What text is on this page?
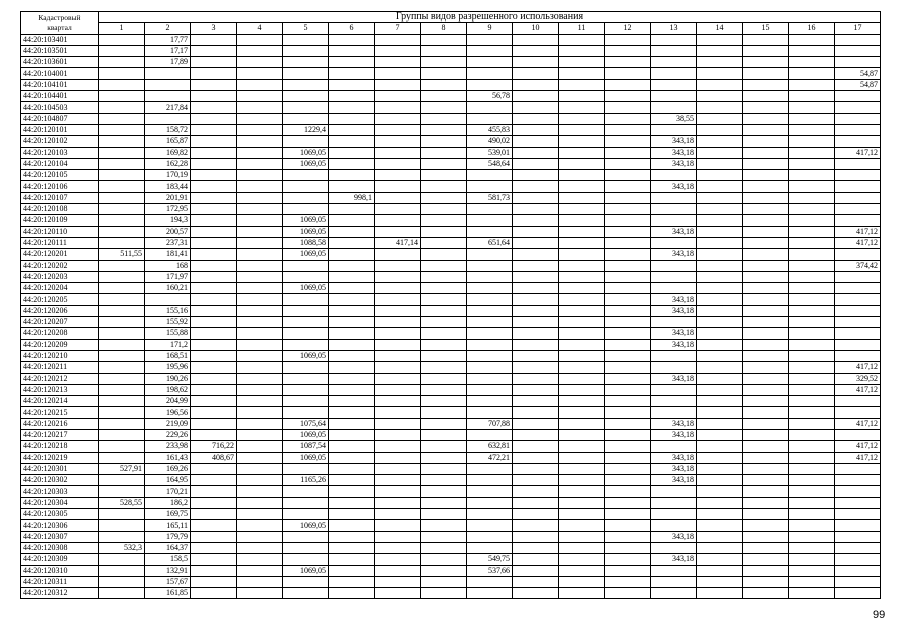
Кадастровый
квартал	Группы видов разрешенного использования																
	1	2	3	4	5	6	7	8	9	10	11	12	13	14	15	16	17
44:20:103401		17,77															
44:20:103501		17,17															
44:20:103601		17,89															
44:20:104001																	54,87
44:20:104101																	54,87
44:20:104401									56,78								
44:20:104503		217,84															
44:20:104807													38,55				
44:20:120101		158,72			1229,4				455,83								
44:20:120102		165,87							490,02				343,18				
44:20:120103		169,82			1069,05				539,01				343,18				417,12
44:20:120104		162,28			1069,05				548,64				343,18				
44:20:120105		170,19															
44:20:120106		183,44											343,18				
44:20:120107		201,91				998,1			581,73								
44:20:120108		172,95															
44:20:120109		194,3			1069,05												
44:20:120110		200,57			1069,05								343,18				417,12
44:20:120111		237,31			1088,58		417,14		651,64								417,12
44:20:120201	511,55	181,41			1069,05								343,18				
44:20:120202		168															374,42
44:20:120203		171,97															
44:20:120204		160,21			1069,05												
44:20:120205													343,18				
44:20:120206		155,16											343,18				
44:20:120207		155,92															
44:20:120208		155,88											343,18				
44:20:120209		171,2											343,18				
44:20:120210		168,51			1069,05												
44:20:120211		195,96															417,12
44:20:120212		190,26											343,18				329,52
44:20:120213		198,62															417,12
44:20:120214		204,99															
44:20:120215		196,56															
44:20:120216		219,09			1075,64				707,88				343,18				417,12
44:20:120217		229,26			1069,05								343,18				
44:20:120218		233,98	716,22		1087,54				632,81								417,12
44:20:120219		161,43	408,67		1069,05				472,21				343,18				417,12
44:20:120301	527,91	169,26											343,18				
44:20:120302		164,95			1165,26								343,18				
44:20:120303		170,21															
44:20:120304	528,55	186,2															
44:20:120305		169,75															
44:20:120306		165,11			1069,05												
44:20:120307		179,79											343,18				
44:20:120308	532,3	164,37															
44:20:120309		158,5							549,75				343,18				
44:20:120310		132,91			1069,05				537,66								
44:20:120311		157,67															
44:20:120312		161,85															
99
